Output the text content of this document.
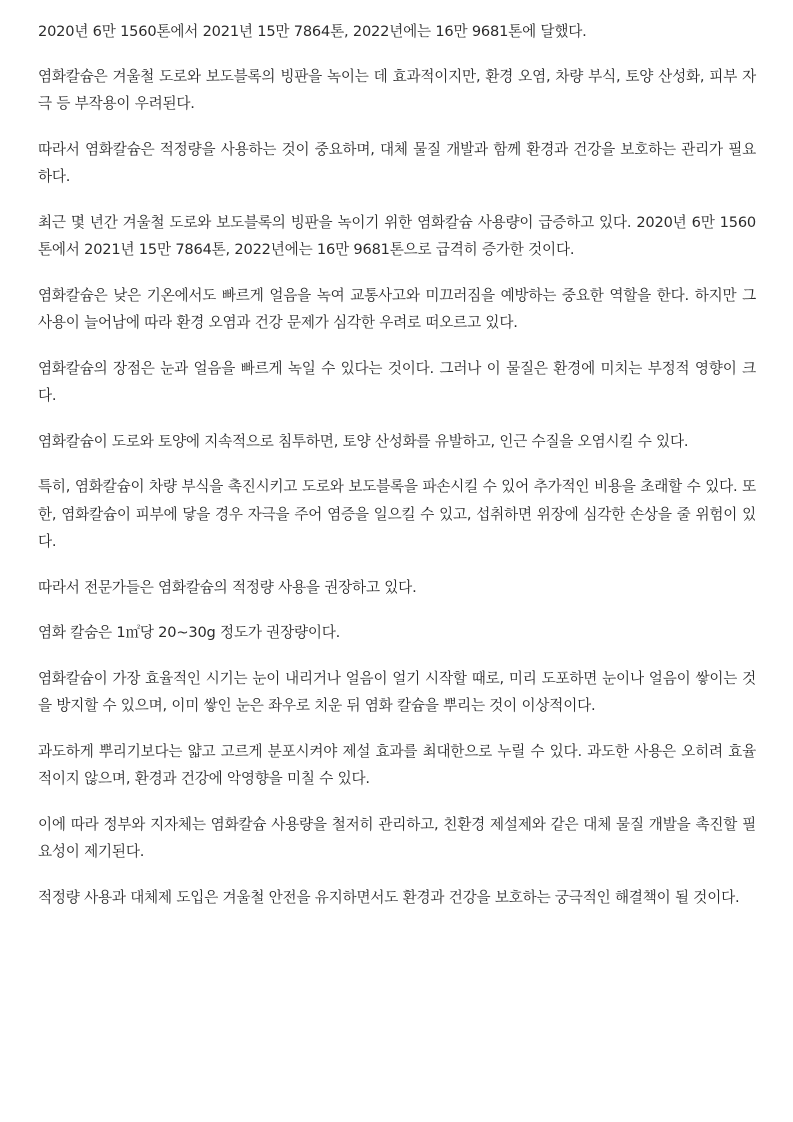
2020년 6만 1560톤에서 2021년 15만 7864톤, 2022년에는 16만 9681톤에 달했다.

염화칼슘은 겨울철 도로와 보도블록의 빙판을 녹이는 데 효과적이지만, 환경 오염, 차량 부식, 토양 산성화, 피부 자극 등 부작용이 우려된다.

따라서 염화칼슘은 적정량을 사용하는 것이 중요하며, 대체 물질 개발과 함께 환경과 건강을 보호하는 관리가 필요하다.

최근 몇 년간 겨울철 도로와 보도블록의 빙판을 녹이기 위한 염화칼슘 사용량이 급증하고 있다. 2020년 6만 1560톤에서 2021년 15만 7864톤, 2022년에는 16만 9681톤으로 급격히 증가한 것이다.

염화칼슘은 낮은 기온에서도 빠르게 얼음을 녹여 교통사고와 미끄러짐을 예방하는 중요한 역할을 한다. 하지만 그 사용이 늘어남에 따라 환경 오염과 건강 문제가 심각한 우려로 떠오르고 있다.

염화칼슘의 장점은 눈과 얼음을 빠르게 녹일 수 있다는 것이다. 그러나 이 물질은 환경에 미치는 부정적 영향이 크다.

염화칼슘이 도로와 토양에 지속적으로 침투하면, 토양 산성화를 유발하고, 인근 수질을 오염시킬 수 있다.

특히, 염화칼슘이 차량 부식을 촉진시키고 도로와 보도블록을 파손시킬 수 있어 추가적인 비용을 초래할 수 있다. 또한, 염화칼슘이 피부에 닿을 경우 자극을 주어 염증을 일으킬 수 있고, 섭취하면 위장에 심각한 손상을 줄 위험이 있다.

따라서 전문가들은 염화칼슘의 적정량 사용을 권장하고 있다.

염화 칼숨은 1㎡당 20~30g 정도가 권장량이다.

염화칼슘이 가장 효율적인 시기는 눈이 내리거나 얼음이 얼기 시작할 때로, 미리 도포하면 눈이나 얼음이 쌓이는 것을 방지할 수 있으며, 이미 쌓인 눈은 좌우로 치운 뒤 염화 칼슘을 뿌리는 것이 이상적이다.

과도하게 뿌리기보다는 얇고 고르게 분포시켜야 제설 효과를 최대한으로 누릴 수 있다. 과도한 사용은 오히려 효율적이지 않으며, 환경과 건강에 악영향을 미칠 수 있다.

이에 따라 정부와 지자체는 염화칼슘 사용량을 철저히 관리하고, 친환경 제설제와 같은 대체 물질 개발을 촉진할 필요성이 제기된다.

적정량 사용과 대체제 도입은 겨울철 안전을 유지하면서도 환경과 건강을 보호하는 궁극적인 해결책이 될 것이다.
